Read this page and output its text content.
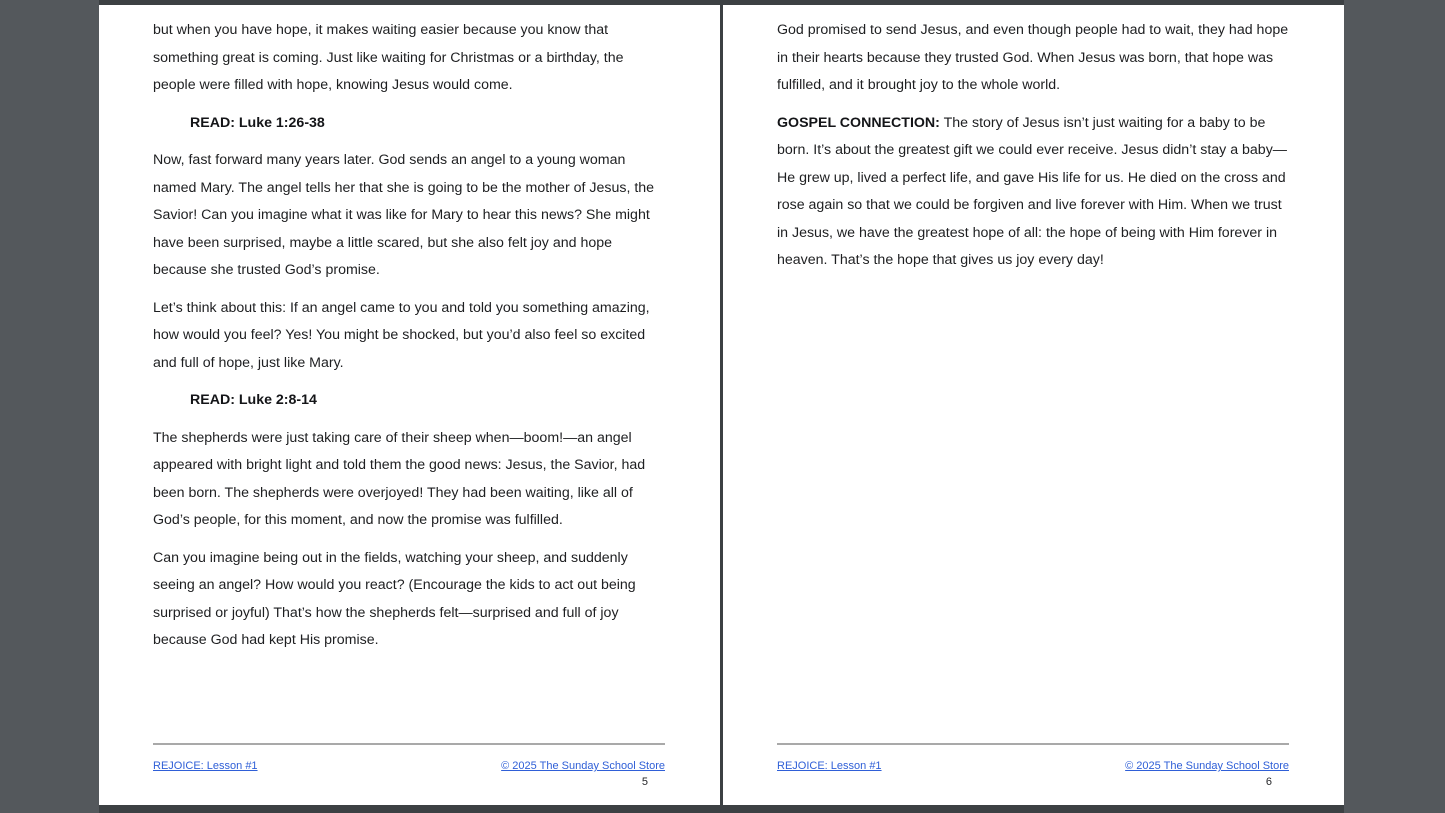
but when you have hope, it makes waiting easier because you know that something great is coming. Just like waiting for Christmas or a birthday, the people were filled with hope, knowing Jesus would come.

READ: Luke 1:26-38

Now, fast forward many years later. God sends an angel to a young woman named Mary. The angel tells her that she is going to be the mother of Jesus, the Savior! Can you imagine what it was like for Mary to hear this news? She might have been surprised, maybe a little scared, but she also felt joy and hope because she trusted God’s promise.

Let’s think about this: If an angel came to you and told you something amazing, how would you feel? Yes! You might be shocked, but you’d also feel so excited and full of hope, just like Mary.

READ: Luke 2:8-14

The shepherds were just taking care of their sheep when—boom!—an angel appeared with bright light and told them the good news: Jesus, the Savior, had been born. The shepherds were overjoyed! They had been waiting, like all of God’s people, for this moment, and now the promise was fulfilled.

Can you imagine being out in the fields, watching your sheep, and suddenly seeing an angel? How would you react? (Encourage the kids to act out being surprised or joyful) That’s how the shepherds felt—surprised and full of joy because God had kept His promise.

REJOICE: Lesson #1	© 2025 The Sunday School Store
5

God promised to send Jesus, and even though people had to wait, they had hope in their hearts because they trusted God. When Jesus was born, that hope was fulfilled, and it brought joy to the whole world.

GOSPEL CONNECTION: The story of Jesus isn’t just waiting for a baby to be born. It’s about the greatest gift we could ever receive. Jesus didn’t stay a baby—He grew up, lived a perfect life, and gave His life for us. He died on the cross and rose again so that we could be forgiven and live forever with Him. When we trust in Jesus, we have the greatest hope of all: the hope of being with Him forever in heaven. That’s the hope that gives us joy every day!

REJOICE: Lesson #1	© 2025 The Sunday School Store
6
